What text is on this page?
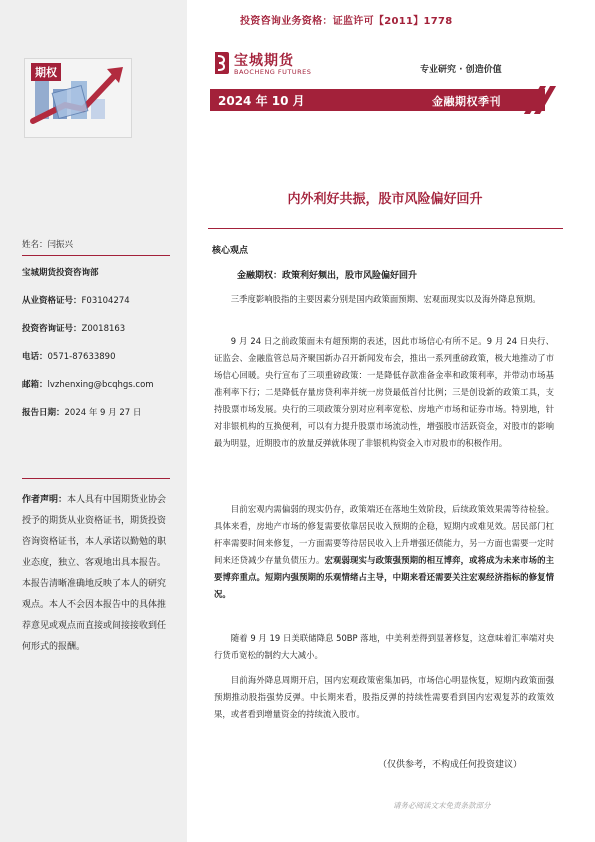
投资咨询业务资格：证监许可【2011】1778
期权
宝城期货
BAOCHENG FUTURES	专业研究 · 创造价值
2024 年 10 月	金融期权季刊
内外利好共振，股市风险偏好回升
姓名：闫振兴
宝城期货投资咨询部
从业资格证号：F03104274
投资咨询证号：Z0018163
电话：0571-87633890
邮箱：lvzhenxing@bcqhgs.com
报告日期：2024 年 9 月 27 日
作者声明：本人具有中国期货业协会授予的期货从业资格证书，期货投资咨询资格证书，本人承诺以勤勉的职业态度，独立、客观地出具本报告。本报告清晰准确地反映了本人的研究观点。本人不会因本报告中的具体推荐意见或观点而直接或间接接收到任何形式的报酬。
核心观点
金融期权：政策利好频出，股市风险偏好回升
三季度影响股指的主要因素分别是国内政策面预期、宏观面现实以及海外降息预期。
9 月 24 日之前政策面未有超预期的表述，因此市场信心有所不足。9 月 24 日央行、证监会、金融监管总局齐聚国新办召开新闻发布会，推出一系列重磅政策，极大地推动了市场信心回暖。央行宣布了三项重磅政策：一是降低存款准备金率和政策利率，并带动市场基准利率下行；二是降低存量房贷利率并统一房贷最低首付比例；三是创设新的政策工具，支持股票市场发展。央行的三项政策分别对应利率宽松、房地产市场和证券市场。特别地，针对非银机构的互换便利，可以有力提升股票市场流动性，增强股市活跃资金，对股市的影响最为明显，近期股市的放量反弹就体现了非银机构资金入市对股市的积极作用。
目前宏观内需偏弱的现实仍存，政策端还在落地生效阶段，后续政策效果需等待检验。具体来看，房地产市场的修复需要依靠居民收入预期的企稳，短期内或难见效。居民部门杠杆率需要时间来修复，一方面需要等待居民收入上升增强还债能力，另一方面也需要一定时间来还贷减少存量负债压力。宏观弱现实与政策强预期的相互博弈，或将成为未来市场的主要博弈重点。短期内强预期的乐观情绪占主导，中期来看还需要关注宏观经济指标的修复情况。
随着 9 月 19 日美联储降息 50BP 落地，中美利差得到显著修复，这意味着汇率端对央行货币宽松的制约大大减小。
目前海外降息周期开启，国内宏观政策密集加码，市场信心明显恢复，短期内政策面强预期推动股指强势反弹。中长期来看，股指反弹的持续性需要看到国内宏观复苏的政策效果，或者看到增量资金的持续流入股市。
（仅供参考，不构成任何投资建议）
请务必阅读文末免责条款部分
